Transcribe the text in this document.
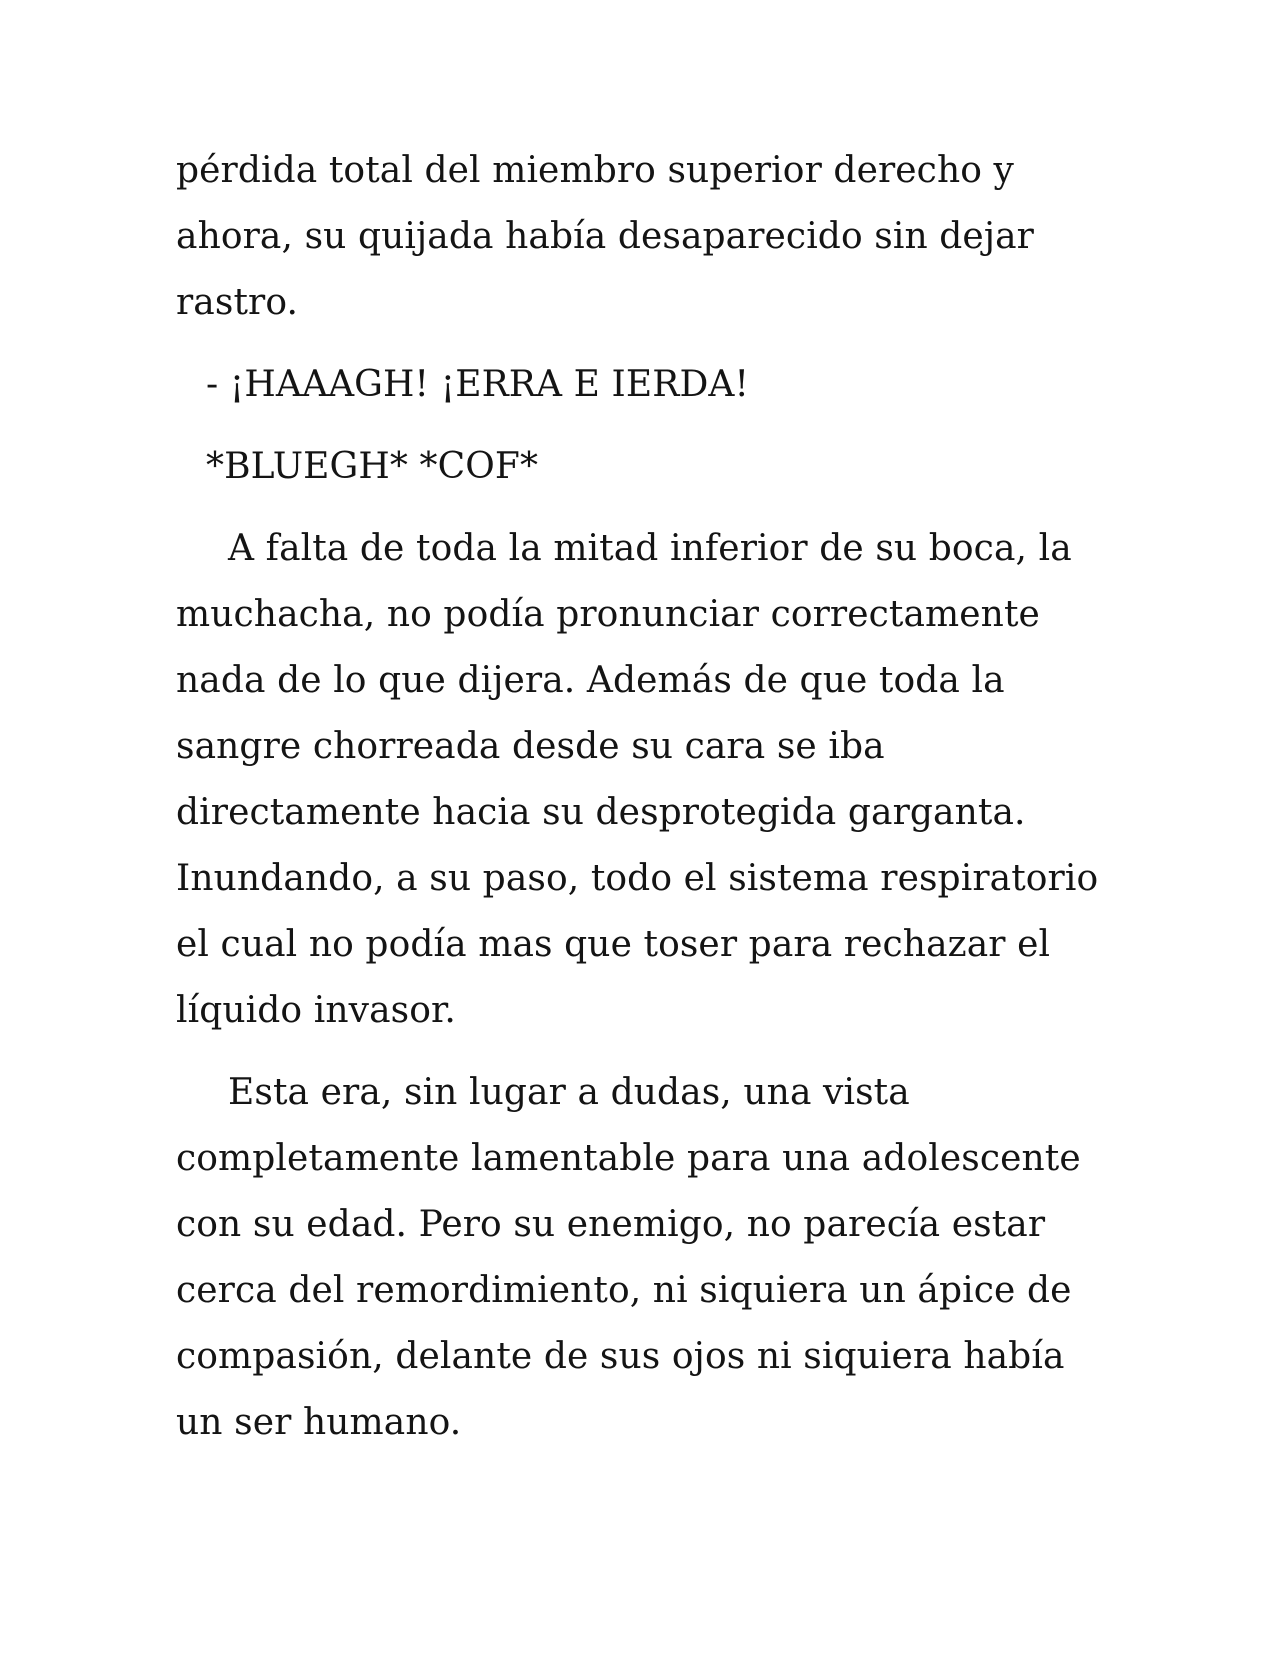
pérdida total del miembro superior derecho y ahora, su quijada había desaparecido sin dejar rastro.

- ¡HAAAGH! ¡ERRA E IERDA!

*BLUEGH* *COF*

A falta de toda la mitad inferior de su boca, la muchacha, no podía pronunciar correctamente nada de lo que dijera. Además de que toda la sangre chorreada desde su cara se iba directamente hacia su desprotegida garganta. Inundando, a su paso, todo el sistema respiratorio el cual no podía mas que toser para rechazar el líquido invasor.

Esta era, sin lugar a dudas, una vista completamente lamentable para una adolescente con su edad. Pero su enemigo, no parecía estar cerca del remordimiento, ni siquiera un ápice de compasión, delante de sus ojos ni siquiera había un ser humano.
